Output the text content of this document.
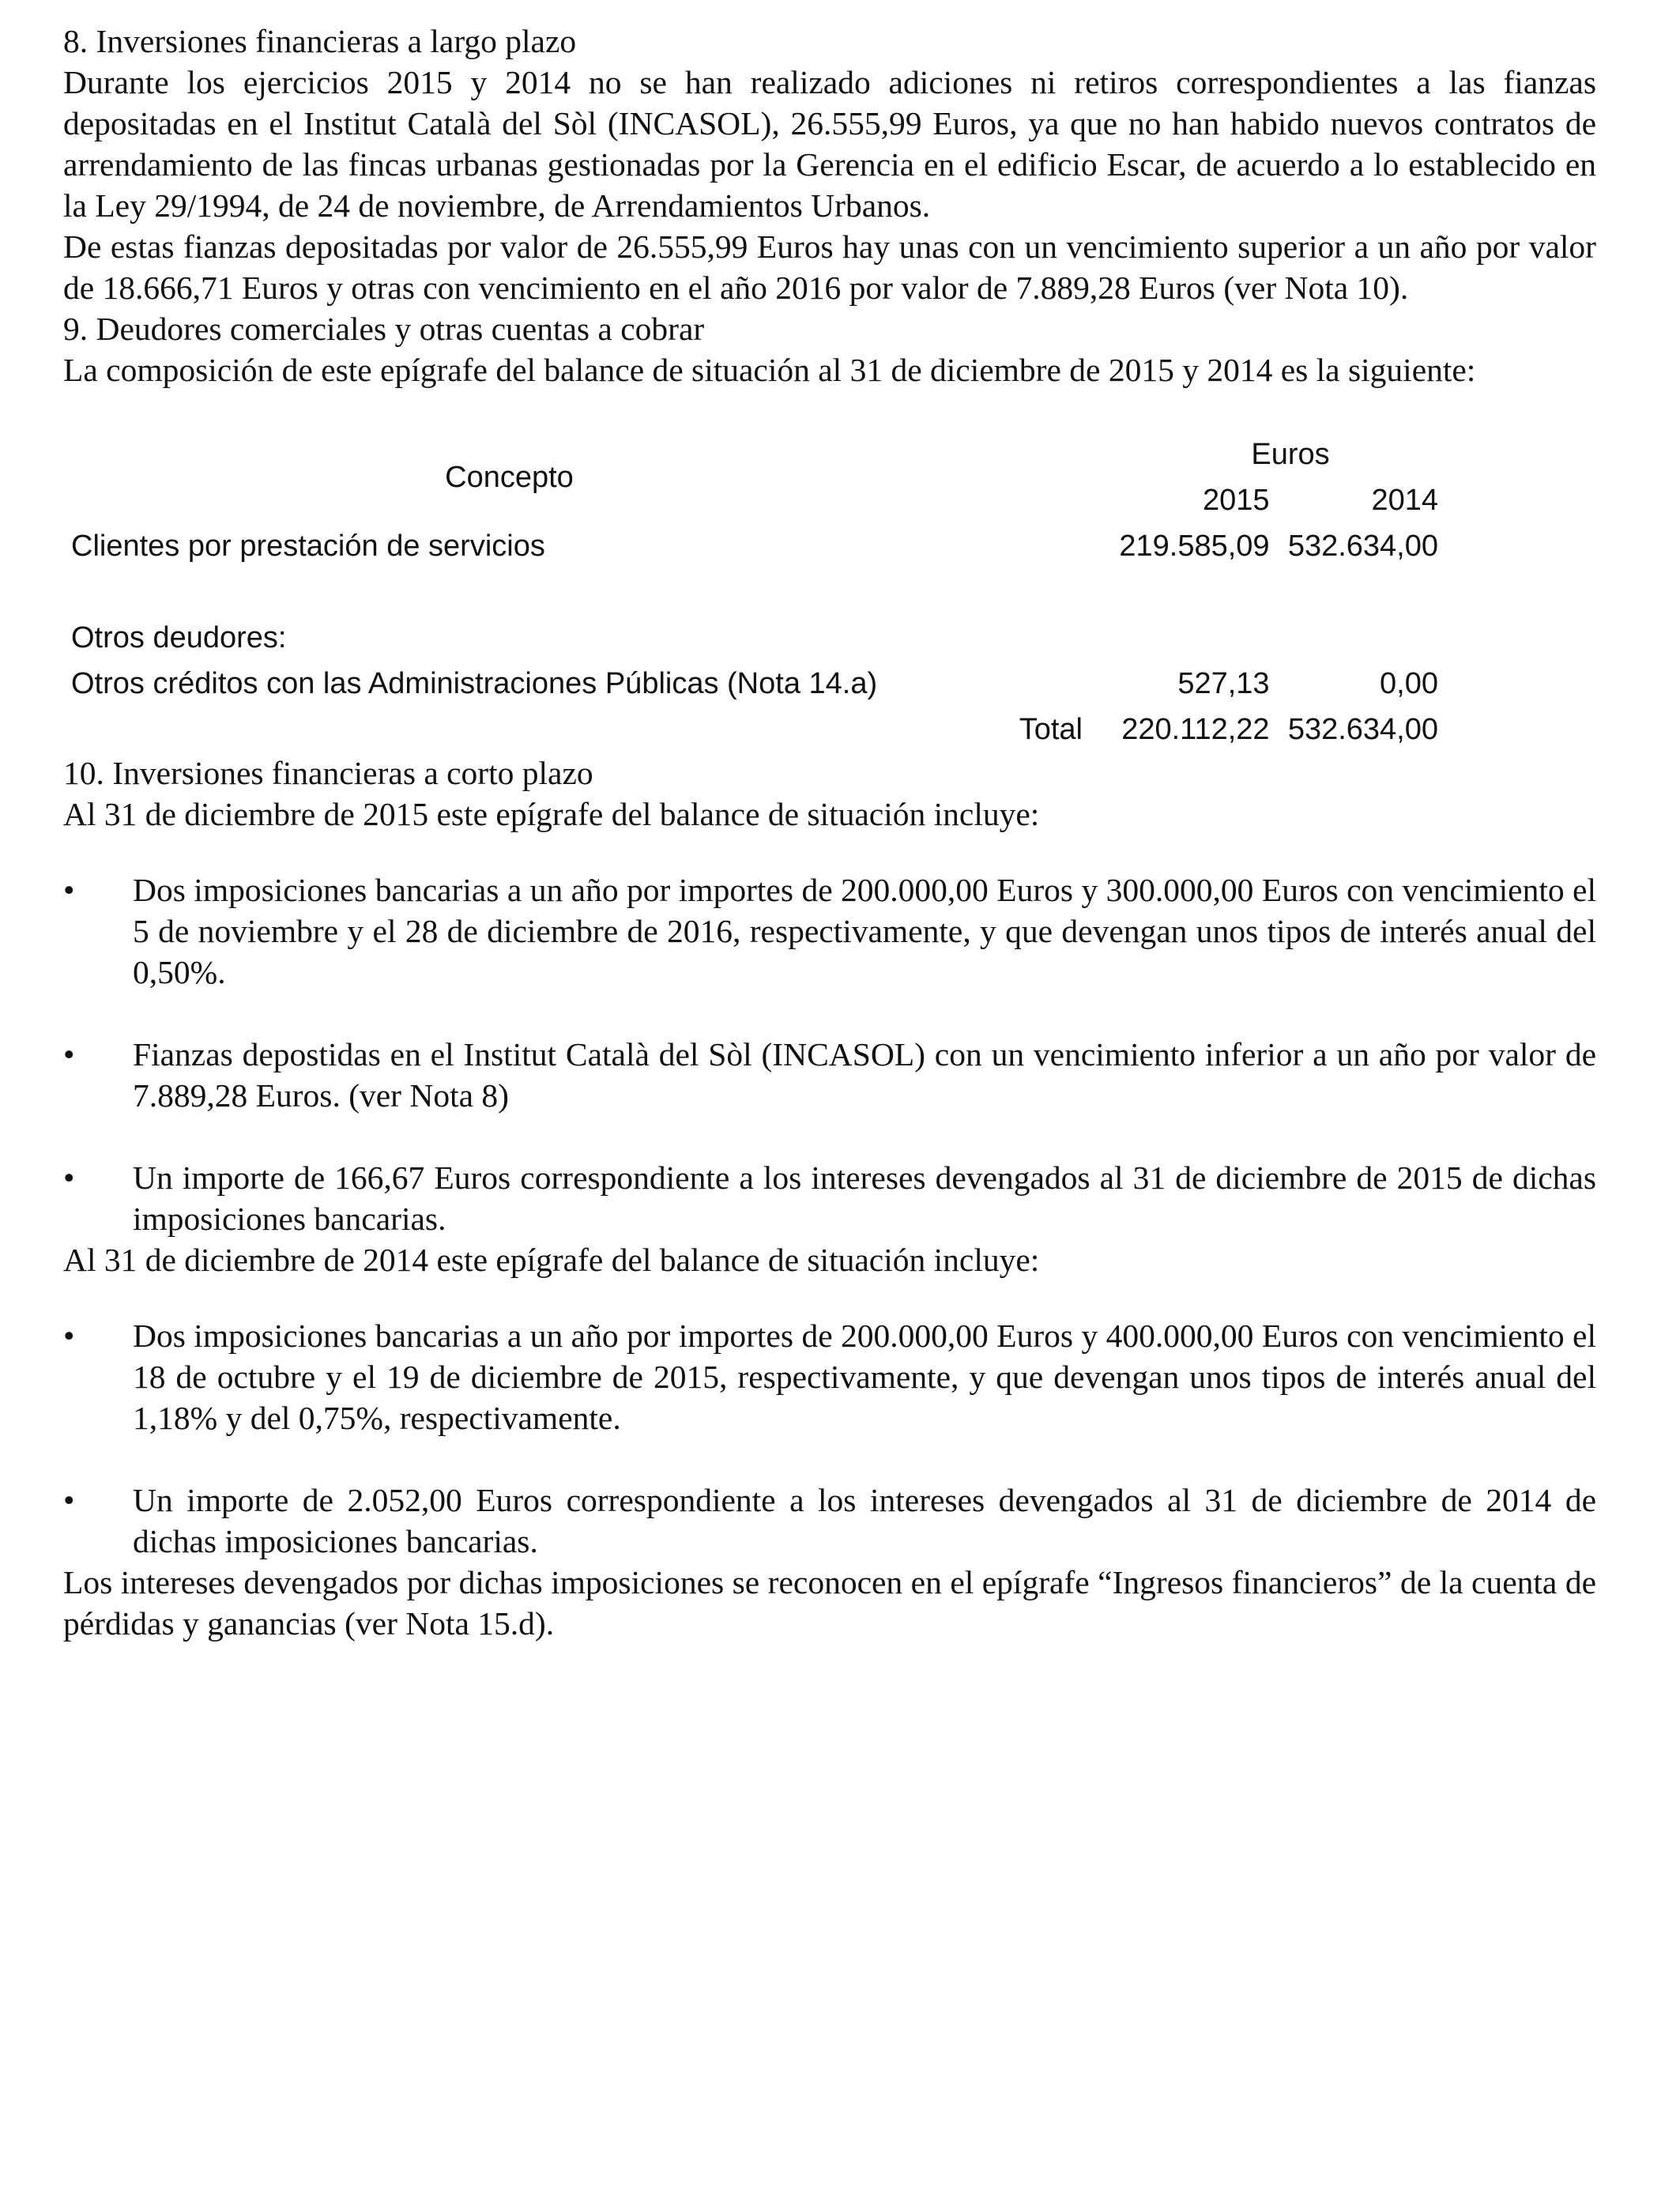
8. Inversiones financieras a largo plazo

Durante los ejercicios 2015 y 2014 no se han realizado adiciones ni retiros correspondientes a las fianzas depositadas en el Institut Català del Sòl (INCASOL), 26.555,99 Euros, ya que no han habido nuevos contratos de arrendamiento de las fincas urbanas gestionadas por la Gerencia en el edificio Escar, de acuerdo a lo establecido en la Ley 29/1994, de 24 de noviembre, de Arrendamientos Urbanos.

De estas fianzas depositadas por valor de 26.555,99 Euros hay unas con un vencimiento superior a un año por valor de 18.666,71 Euros y otras con vencimiento en el año 2016 por valor de 7.889,28 Euros (ver Nota 10).

9. Deudores comerciales y otras cuentas a cobrar

La composición de este epígrafe del balance de situación al 31 de diciembre de 2015 y 2014 es la siguiente:

Concepto		Euros	
		2015	2014
Clientes por prestación de servicios		219.585,09	532.634,00

Otros deudores:			
Otros créditos con las Administraciones Públicas (Nota 14.a)		527,13	0,00
	Total	220.112,22	532.634,00
10. Inversiones financieras a corto plazo

Al 31 de diciembre de 2015 este epígrafe del balance de situación incluye:

• Dos imposiciones bancarias a un año por importes de 200.000,00 Euros y 300.000,00 Euros con vencimiento el 5 de noviembre y el 28 de diciembre de 2016, respectivamente, y que devengan unos tipos de interés anual del 0,50%.
• Fianzas depostidas en el Institut Català del Sòl (INCASOL) con un vencimiento inferior a un año por valor de 7.889,28 Euros. (ver Nota 8)
• Un importe de 166,67 Euros correspondiente a los intereses devengados al 31 de diciembre de 2015 de dichas imposiciones bancarias.

Al 31 de diciembre de 2014 este epígrafe del balance de situación incluye:

• Dos imposiciones bancarias a un año por importes de 200.000,00 Euros y 400.000,00 Euros con vencimiento el 18 de octubre y el 19 de diciembre de 2015, respectivamente, y que devengan unos tipos de interés anual del 1,18% y del 0,75%, respectivamente.
• Un importe de 2.052,00 Euros correspondiente a los intereses devengados al 31 de diciembre de 2014 de dichas imposiciones bancarias.

Los intereses devengados por dichas imposiciones se reconocen en el epígrafe “Ingresos financieros” de la cuenta de pérdidas y ganancias (ver Nota 15.d).
